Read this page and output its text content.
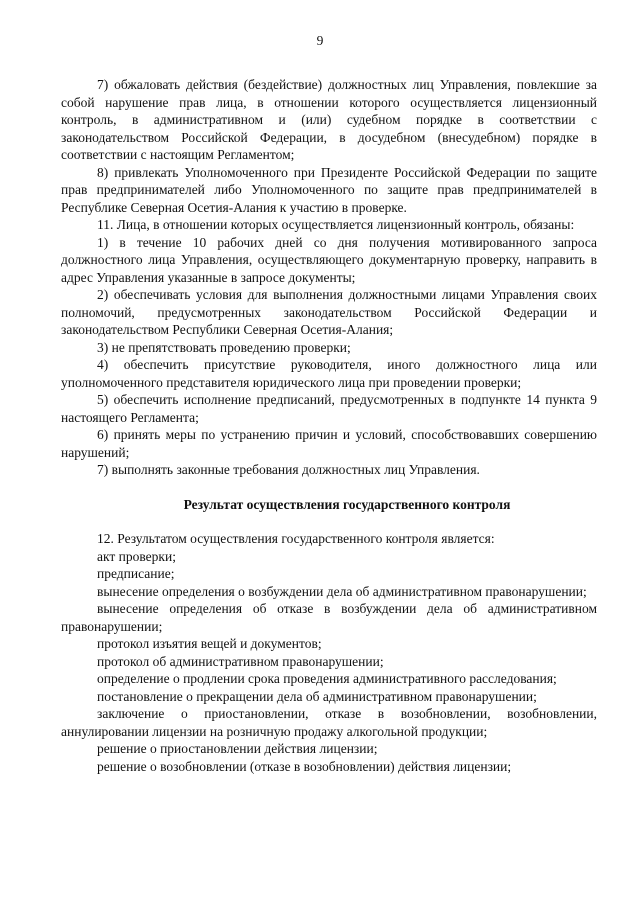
9

7) обжаловать действия (бездействие) должностных лиц Управления, повлекшие за собой нарушение прав лица, в отношении которого осуществляется лицензионный контроль, в административном и (или) судебном порядке в соответствии с законодательством Российской Федерации, в досудебном (внесудебном) порядке в соответствии с настоящим Регламентом;

8) привлекать Уполномоченного при Президенте Российской Федерации по защите прав предпринимателей либо Уполномоченного по защите прав предпринимателей в Республике Северная Осетия-Алания к участию в проверке.

11. Лица, в отношении которых осуществляется лицензионный контроль, обязаны:

1) в течение 10 рабочих дней со дня получения мотивированного запроса должностного лица Управления, осуществляющего документарную проверку, направить в адрес Управления указанные в запросе документы;

2) обеспечивать условия для выполнения должностными лицами Управления своих полномочий, предусмотренных законодательством Российской Федерации и законодательством Республики Северная Осетия-Алания;

3) не препятствовать проведению проверки;

4) обеспечить присутствие руководителя, иного должностного лица или уполномоченного представителя юридического лица при проведении проверки;

5) обеспечить исполнение предписаний, предусмотренных в подпункте 14 пункта 9 настоящего Регламента;

6) принять меры по устранению причин и условий, способствовавших совершению нарушений;

7) выполнять законные требования должностных лиц Управления.

Результат осуществления государственного контроля

12. Результатом осуществления государственного контроля является:

акт проверки;

предписание;

вынесение определения о возбуждении дела об административном правонарушении;

вынесение определения об отказе в возбуждении дела об административном правонарушении;

протокол изъятия вещей и документов;

протокол об административном правонарушении;

определение о продлении срока проведения административного расследования;

постановление о прекращении дела об административном правонарушении;

заключение о приостановлении, отказе в возобновлении, возобновлении, аннулировании лицензии на розничную продажу алкогольной продукции;

решение о приостановлении действия лицензии;

решение о возобновлении (отказе в возобновлении) действия лицензии;
